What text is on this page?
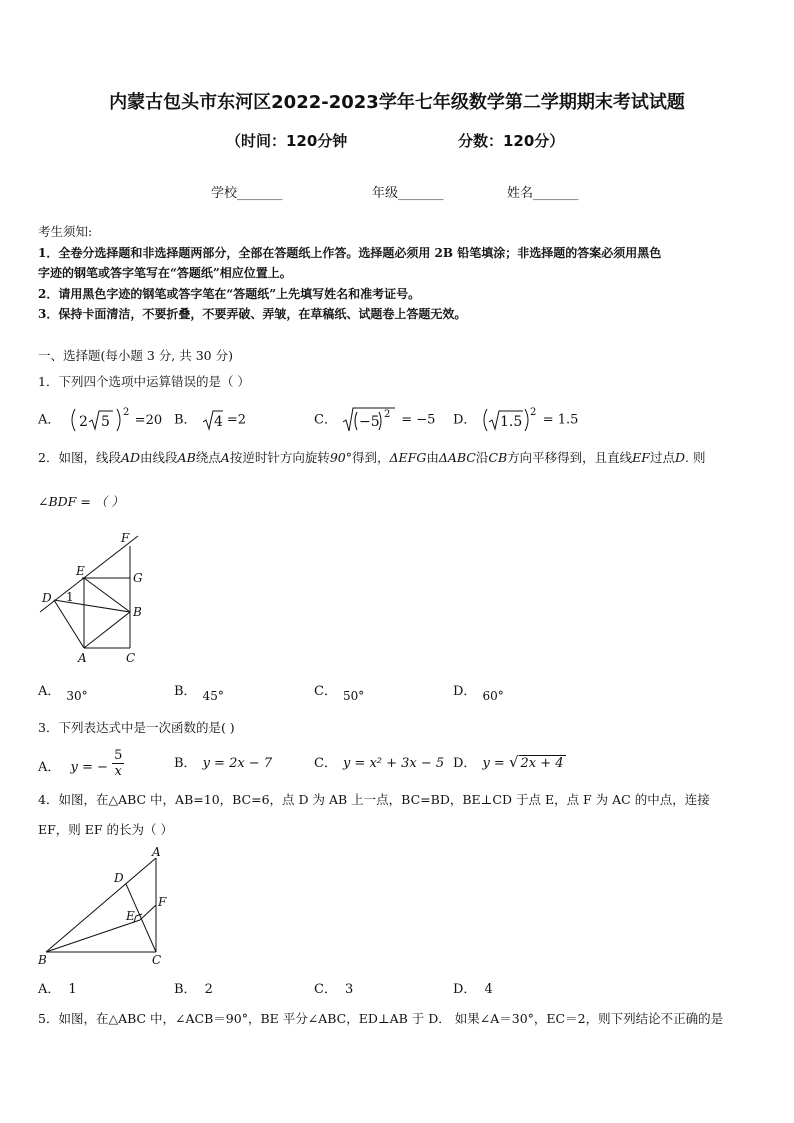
内蒙古包头市东河区2022-2023学年七年级数学第二学期期末考试试题
（时间：120分钟	分数：120分）
学校_______	年级_______	姓名_______
考生须知:
1．全卷分选择题和非选择题两部分，全部在答题纸上作答。选择题必须用 2B 铅笔填涂；非选择题的答案必须用黑色
字迹的钢笔或答字笔写在“答题纸”相应位置上。
2．请用黑色字迹的钢笔或答字笔在“答题纸”上先填写姓名和准考证号。
3．保持卡面清洁，不要折叠，不要弄破、弄皱，在草稿纸、试题卷上答题无效。
一、选择题(每小题 3 分, 共 30 分)
1．下列四个选项中运算错误的是（ ）
A． 2 5
2 =20 B． 4 =2	C． −5 2 = −5 D． 1.5
2 = 1.5
2．如图，线段AD由线段AB绕点A按逆时针方向旋转90°得到，ΔEFG由ΔABC沿CB方向平移得到，且直线EF过点D. 则
∠BDF = （ ）
F
E	G
D 1
B
A	C
A． 30°	B． 45°	C． 50°	D． 60°
3．下列表达式中是一次函数的是( )
A． y = − $\frac{5}{x}$	B． y = 2x − 7	C． y = x² + 3x − 5 D． y = √ 2x + 4
4．如图，在△ABC 中，AB=10，BC=6，点 D 为 AB 上一点，BC=BD，BE⊥CD 于点 E，点 F 为 AC 的中点，连接
EF，则 EF 的长为（ ）
A
D
F
E
B	C
A． 1	B． 2	C． 3	D． 4
5．如图，在△ABC 中，∠ACB＝90°，BE 平分∠ABC，ED⊥AB 于 D． 如果∠A＝30°，EC＝2，则下列结论不正确的是
